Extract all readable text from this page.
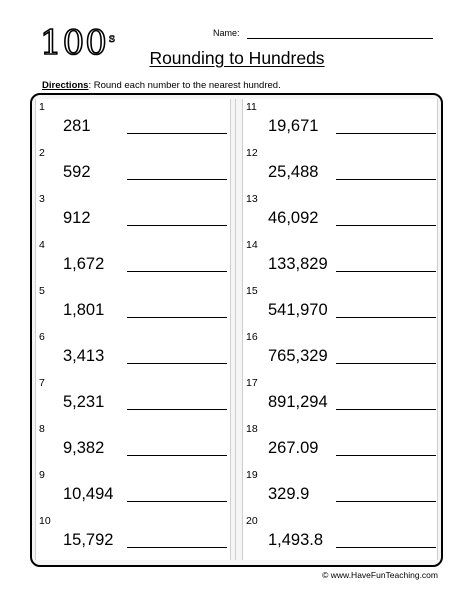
100$^s$	Name:
Rounding to Hundreds
Directions: Round each number to the nearest hundred.
1
281
2
592
3
912
4
1,672
5
1,801
6
3,413
7
5,231
8
9,382
9
10,494
10
15,792
11
19,671
12
25,488
13
46,092
14
133,829
15
541,970
16
765,329
17
891,294
18
267.09
19
329.9
20
1,493.8
© www.HaveFunTeaching.com
